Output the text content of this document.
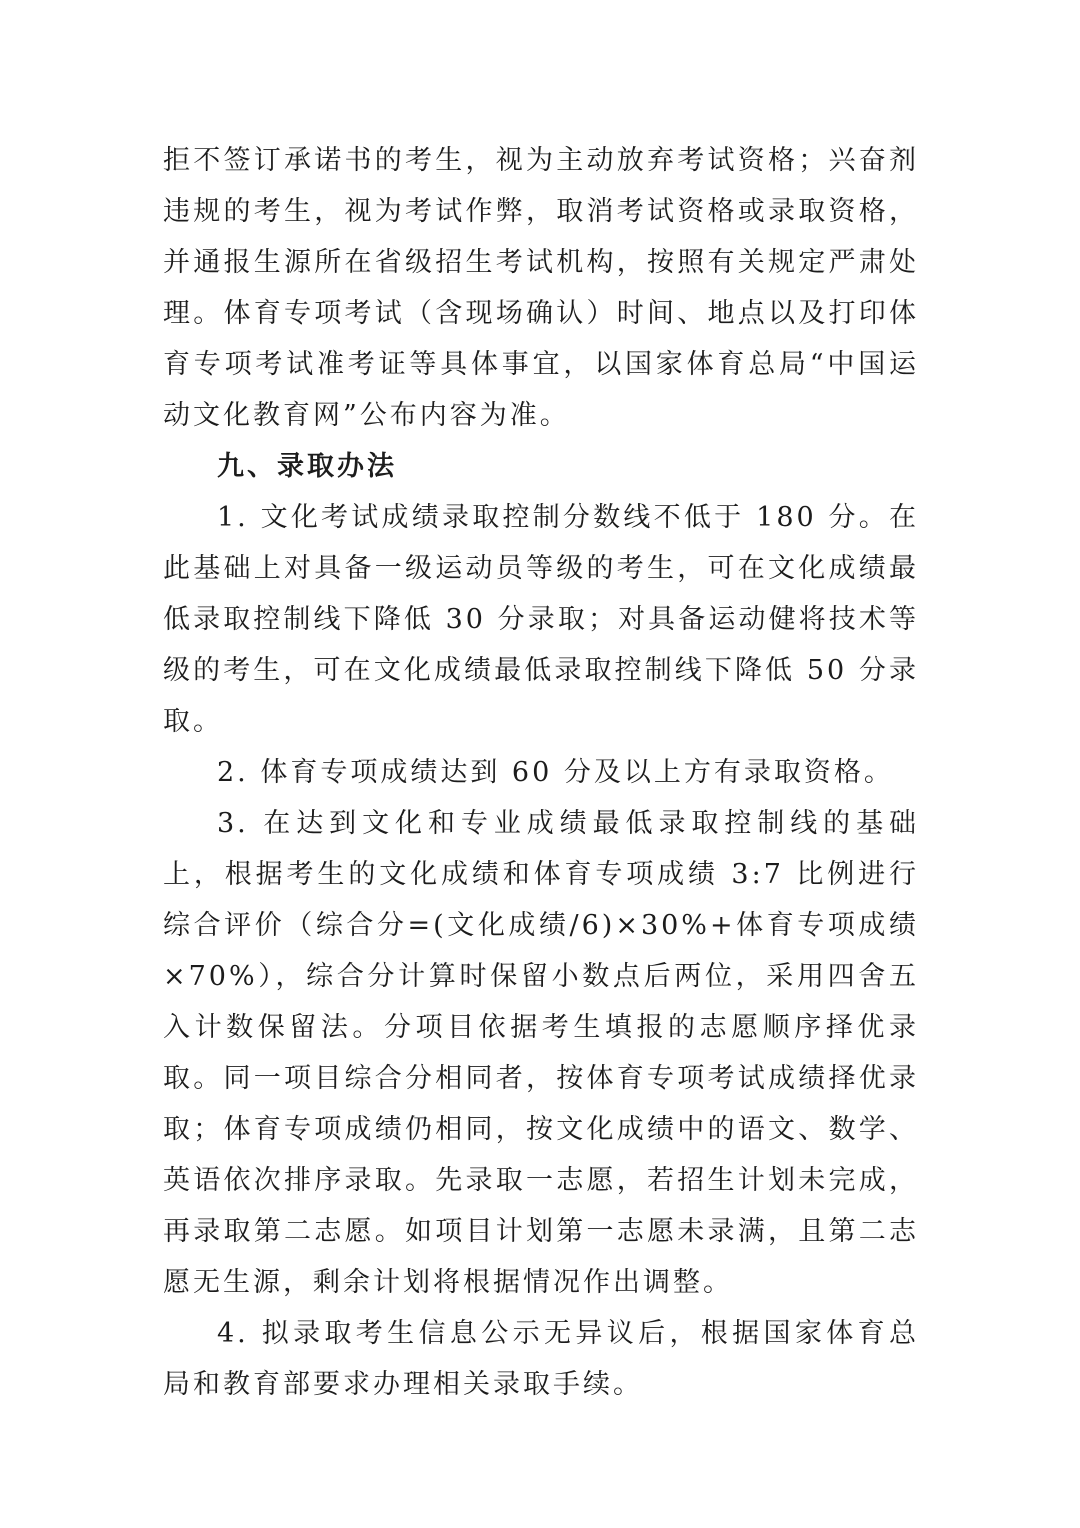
拒不签订承诺书的考生，视为主动放弃考试资格；兴奋剂违规的考生，视为考试作弊，取消考试资格或录取资格，并通报生源所在省级招生考试机构，按照有关规定严肃处理。体育专项考试（含现场确认）时间、地点以及打印体育专项考试准考证等具体事宜，以国家体育总局“中国运动文化教育网”公布内容为准。

九、录取办法

1. 文化考试成绩录取控制分数线不低于 180 分。在此基础上对具备一级运动员等级的考生，可在文化成绩最低录取控制线下降低 30 分录取；对具备运动健将技术等级的考生，可在文化成绩最低录取控制线下降低 50 分录取。

2. 体育专项成绩达到 60 分及以上方有录取资格。

3. 在达到文化和专业成绩最低录取控制线的基础上，根据考生的文化成绩和体育专项成绩 3:7 比例进行综合评价（综合分=(文化成绩/6)×30%+体育专项成绩×70%），综合分计算时保留小数点后两位，采用四舍五入计数保留法。分项目依据考生填报的志愿顺序择优录取。同一项目综合分相同者，按体育专项考试成绩择优录取；体育专项成绩仍相同，按文化成绩中的语文、数学、英语依次排序录取。先录取一志愿，若招生计划未完成，再录取第二志愿。如项目计划第一志愿未录满，且第二志愿无生源，剩余计划将根据情况作出调整。

4. 拟录取考生信息公示无异议后，根据国家体育总局和教育部要求办理相关录取手续。
